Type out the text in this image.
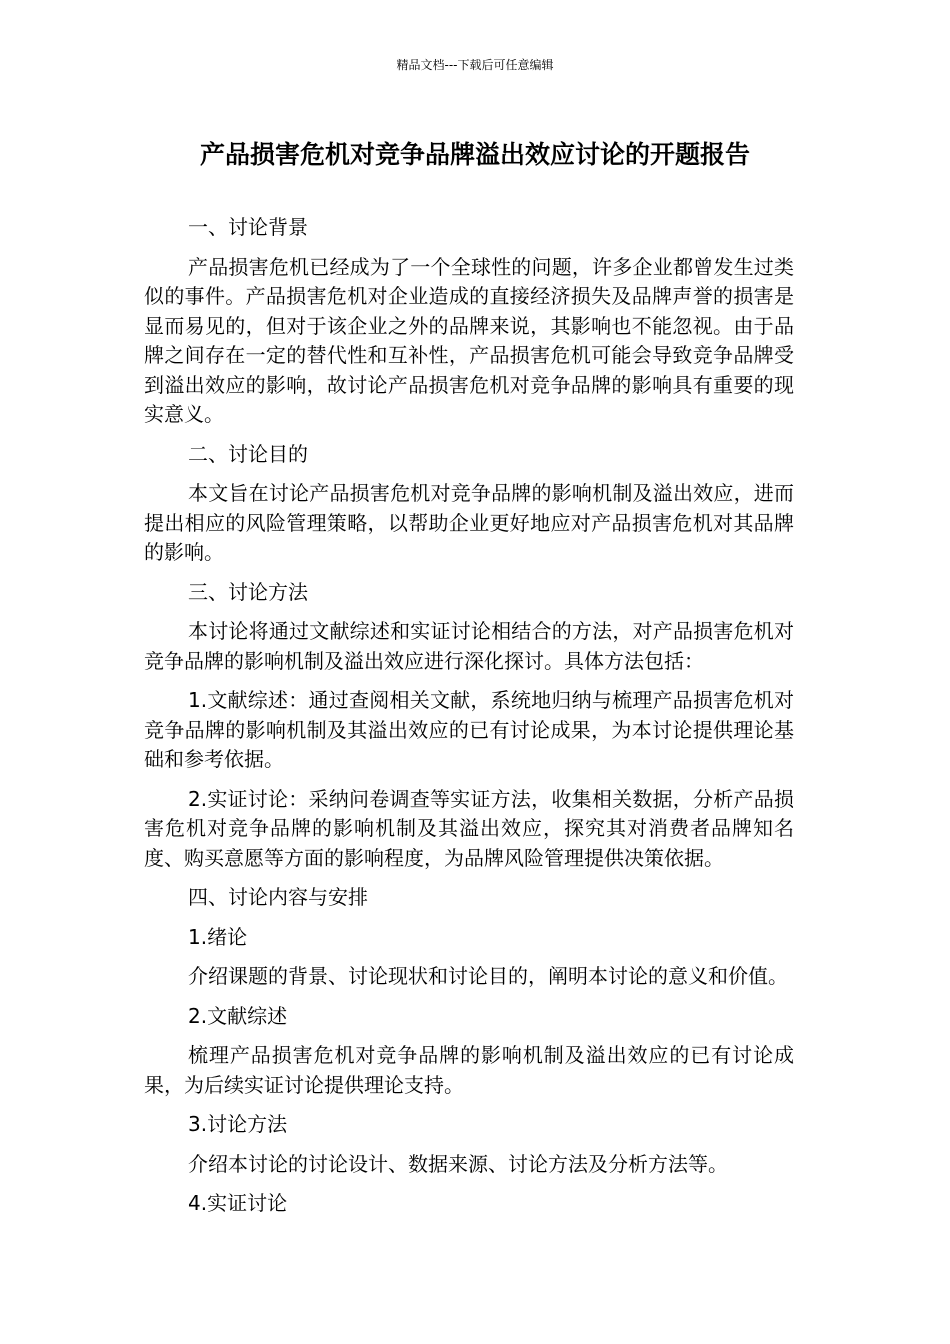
精品文档---下载后可任意编辑
产品损害危机对竞争品牌溢出效应讨论的开题报告

一、讨论背景

产品损害危机已经成为了一个全球性的问题，许多企业都曾发生过类似的事件。产品损害危机对企业造成的直接经济损失及品牌声誉的损害是显而易见的，但对于该企业之外的品牌来说，其影响也不能忽视。由于品牌之间存在一定的替代性和互补性，产品损害危机可能会导致竞争品牌受到溢出效应的影响，故讨论产品损害危机对竞争品牌的影响具有重要的现实意义。

二、讨论目的

本文旨在讨论产品损害危机对竞争品牌的影响机制及溢出效应，进而提出相应的风险管理策略，以帮助企业更好地应对产品损害危机对其品牌的影响。

三、讨论方法

本讨论将通过文献综述和实证讨论相结合的方法，对产品损害危机对竞争品牌的影响机制及溢出效应进行深化探讨。具体方法包括：

1.文献综述：通过查阅相关文献，系统地归纳与梳理产品损害危机对竞争品牌的影响机制及其溢出效应的已有讨论成果，为本讨论提供理论基础和参考依据。

2.实证讨论：采纳问卷调查等实证方法，收集相关数据，分析产品损害危机对竞争品牌的影响机制及其溢出效应，探究其对消费者品牌知名度、购买意愿等方面的影响程度，为品牌风险管理提供决策依据。

四、讨论内容与安排

1.绪论

介绍课题的背景、讨论现状和讨论目的，阐明本讨论的意义和价值。

2.文献综述

梳理产品损害危机对竞争品牌的影响机制及溢出效应的已有讨论成果，为后续实证讨论提供理论支持。

3.讨论方法

介绍本讨论的讨论设计、数据来源、讨论方法及分析方法等。

4.实证讨论
